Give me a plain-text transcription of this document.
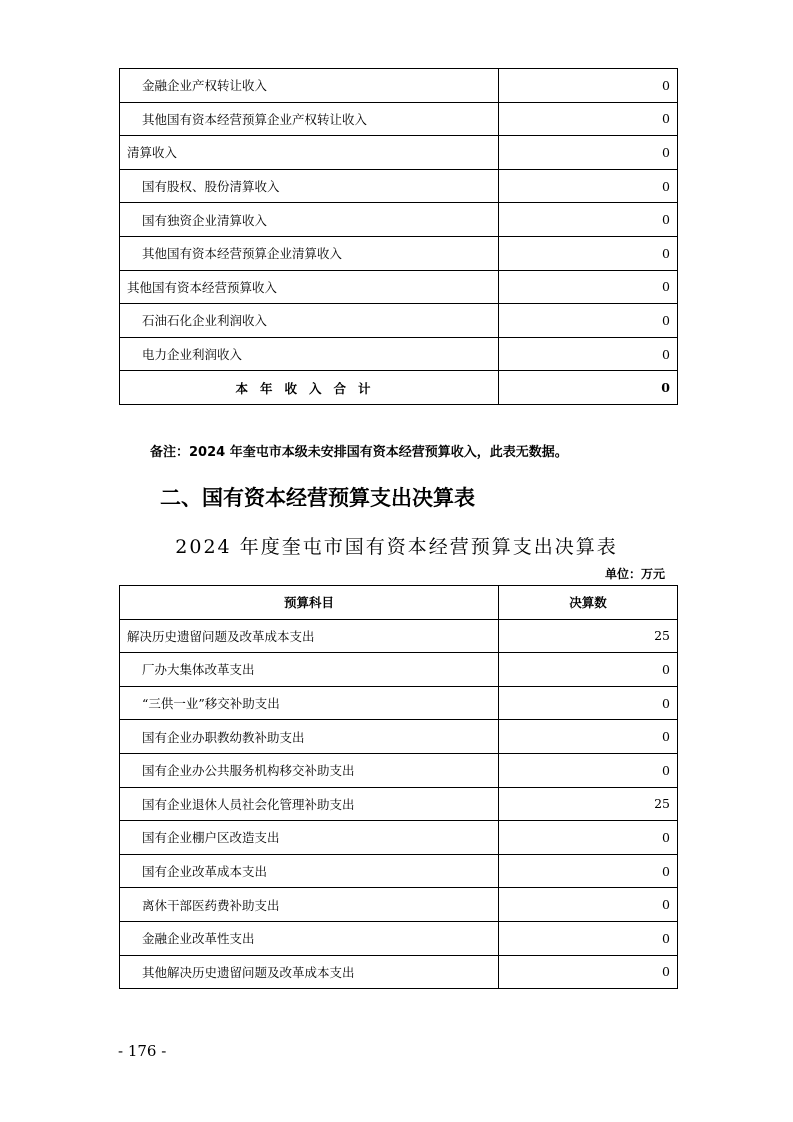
金融企业产权转让收入	0
其他国有资本经营预算企业产权转让收入	0
清算收入	0
国有股权、股份清算收入	0
国有独资企业清算收入	0
其他国有资本经营预算企业清算收入	0
其他国有资本经营预算收入	0
石油石化企业利润收入	0
电力企业利润收入	0
本年收入合计	0
备注：2024 年奎屯市本级未安排国有资本经营预算收入，此表无数据。
二、国有资本经营预算支出决算表
2024 年度奎屯市国有资本经营预算支出决算表
单位：万元
预算科目	决算数
解决历史遗留问题及改革成本支出	25
厂办大集体改革支出	0
“三供一业”移交补助支出	0
国有企业办职教幼教补助支出	0
国有企业办公共服务机构移交补助支出	0
国有企业退休人员社会化管理补助支出	25
国有企业棚户区改造支出	0
国有企业改革成本支出	0
离休干部医药费补助支出	0
金融企业改革性支出	0
其他解决历史遗留问题及改革成本支出	0
- 176 -
